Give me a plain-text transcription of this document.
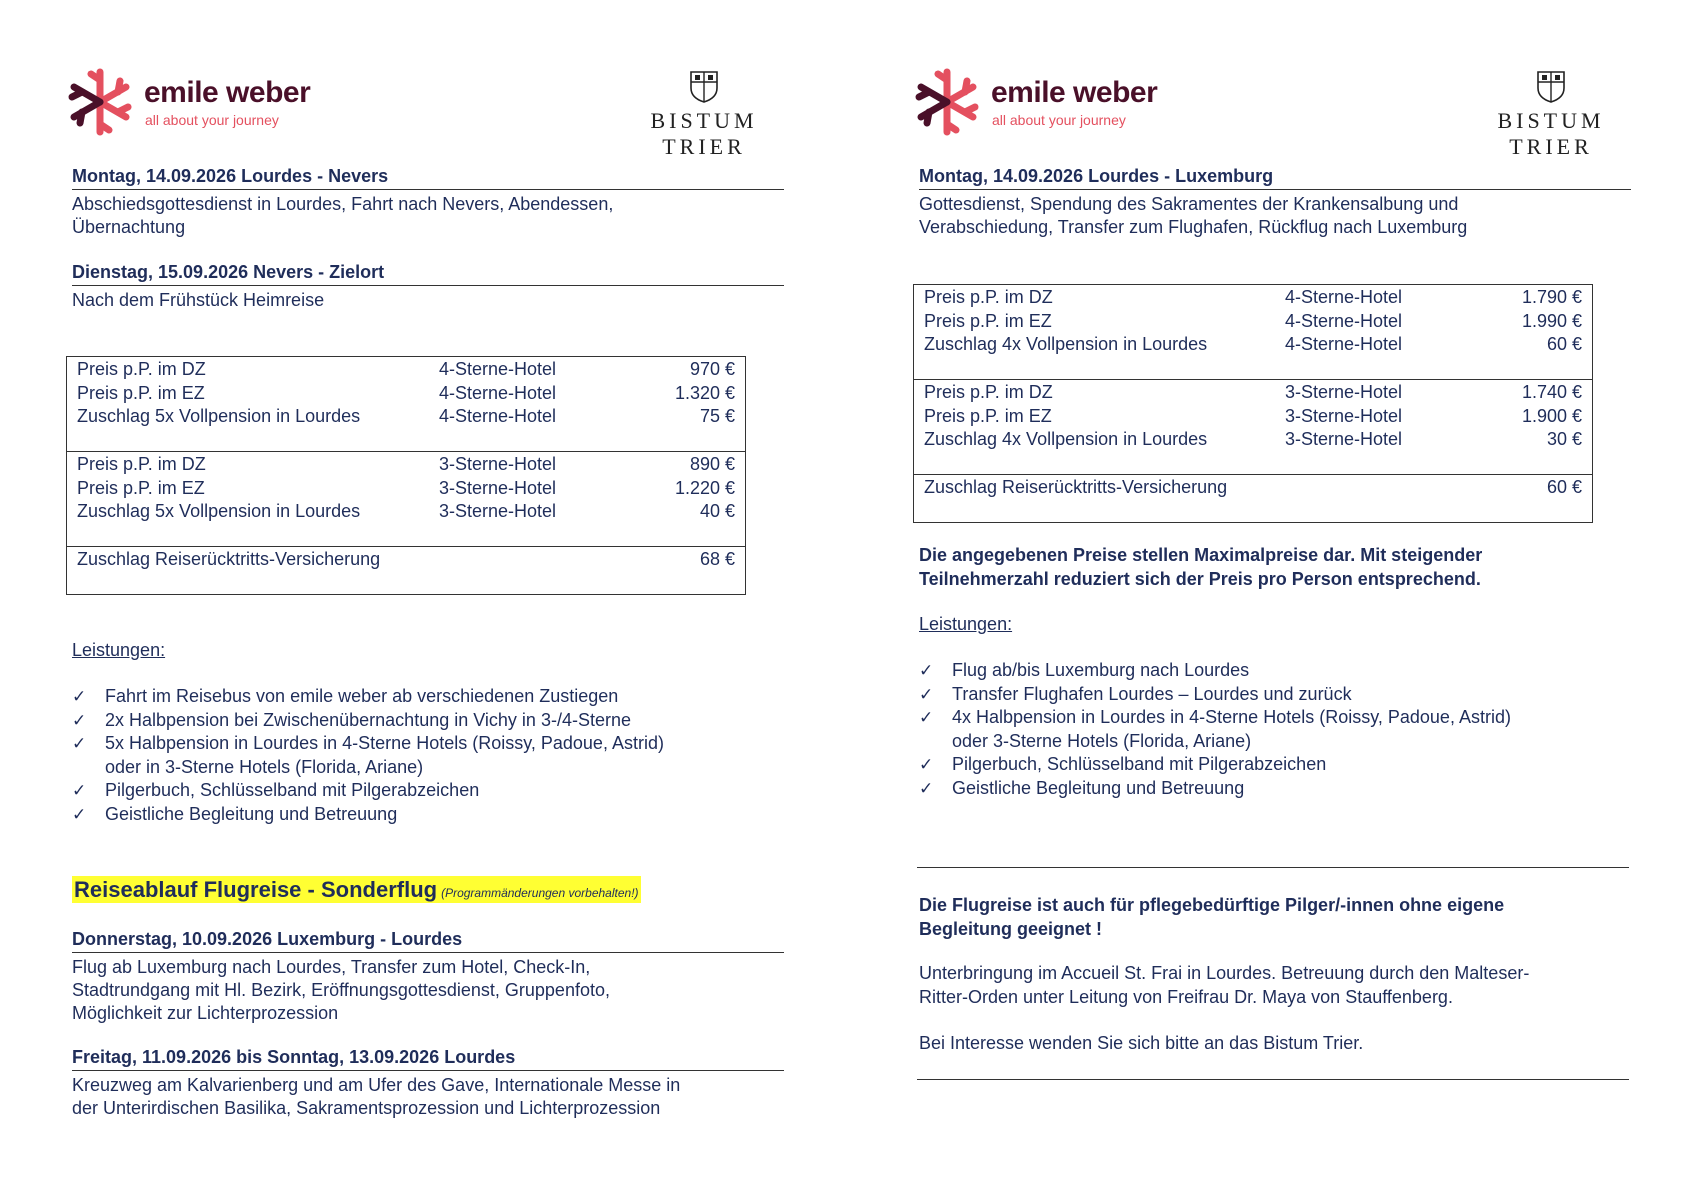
emile weber
all about your journey	BISTUM
TRIER
Montag, 14.09.2026 Lourdes - Nevers
Abschiedsgottesdienst in Lourdes, Fahrt nach Nevers, Abendessen,
Übernachtung
Dienstag, 15.09.2026 Nevers - Zielort
Nach dem Frühstück Heimreise
Preis p.P. im DZ	4-Sterne-Hotel	970 €
Preis p.P. im EZ	4-Sterne-Hotel	1.320 €
Zuschlag 5x Vollpension in Lourdes	4-Sterne-Hotel	75 €
Preis p.P. im DZ	3-Sterne-Hotel	890 €
Preis p.P. im EZ	3-Sterne-Hotel	1.220 €
Zuschlag 5x Vollpension in Lourdes	3-Sterne-Hotel	40 €
Zuschlag Reiserücktritts-Versicherung	68 €
Leistungen:
✓ Fahrt im Reisebus von emile weber ab verschiedenen Zustiegen
✓ 2x Halbpension bei Zwischenübernachtung in Vichy in 3-/4-Sterne
✓ 5x Halbpension in Lourdes in 4-Sterne Hotels (Roissy, Padoue, Astrid)
oder in 3-Sterne Hotels (Florida, Ariane)
✓ Pilgerbuch, Schlüsselband mit Pilgerabzeichen
✓ Geistliche Begleitung und Betreuung
Reiseablauf Flugreise - Sonderflug (Programmänderungen vorbehalten!)
Donnerstag, 10.09.2026 Luxemburg - Lourdes
Flug ab Luxemburg nach Lourdes, Transfer zum Hotel, Check-In,
Stadtrundgang mit Hl. Bezirk, Eröffnungsgottesdienst, Gruppenfoto,
Möglichkeit zur Lichterprozession
Freitag, 11.09.2026 bis Sonntag, 13.09.2026 Lourdes
Kreuzweg am Kalvarienberg und am Ufer des Gave, Internationale Messe in
der Unterirdischen Basilika, Sakramentsprozession und Lichterprozession
emile weber
all about your journey	BISTUM
TRIER
Montag, 14.09.2026 Lourdes - Luxemburg
Gottesdienst, Spendung des Sakramentes der Krankensalbung und
Verabschiedung, Transfer zum Flughafen, Rückflug nach Luxemburg
Preis p.P. im DZ	4-Sterne-Hotel	1.790 €
Preis p.P. im EZ	4-Sterne-Hotel	1.990 €
Zuschlag 4x Vollpension in Lourdes	4-Sterne-Hotel	60 €
Preis p.P. im DZ	3-Sterne-Hotel	1.740 €
Preis p.P. im EZ	3-Sterne-Hotel	1.900 €
Zuschlag 4x Vollpension in Lourdes	3-Sterne-Hotel	30 €
Zuschlag Reiserücktritts-Versicherung	60 €
Die angegebenen Preise stellen Maximalpreise dar. Mit steigender
Teilnehmerzahl reduziert sich der Preis pro Person entsprechend.
Leistungen:
✓ Flug ab/bis Luxemburg nach Lourdes
✓ Transfer Flughafen Lourdes – Lourdes und zurück
✓ 4x Halbpension in Lourdes in 4-Sterne Hotels (Roissy, Padoue, Astrid)
oder 3-Sterne Hotels (Florida, Ariane)
✓ Pilgerbuch, Schlüsselband mit Pilgerabzeichen
✓ Geistliche Begleitung und Betreuung
Die Flugreise ist auch für pflegebedürftige Pilger/-innen ohne eigene
Begleitung geeignet !
Unterbringung im Accueil St. Frai in Lourdes. Betreuung durch den Malteser-
Ritter-Orden unter Leitung von Freifrau Dr. Maya von Stauffenberg.
Bei Interesse wenden Sie sich bitte an das Bistum Trier.
